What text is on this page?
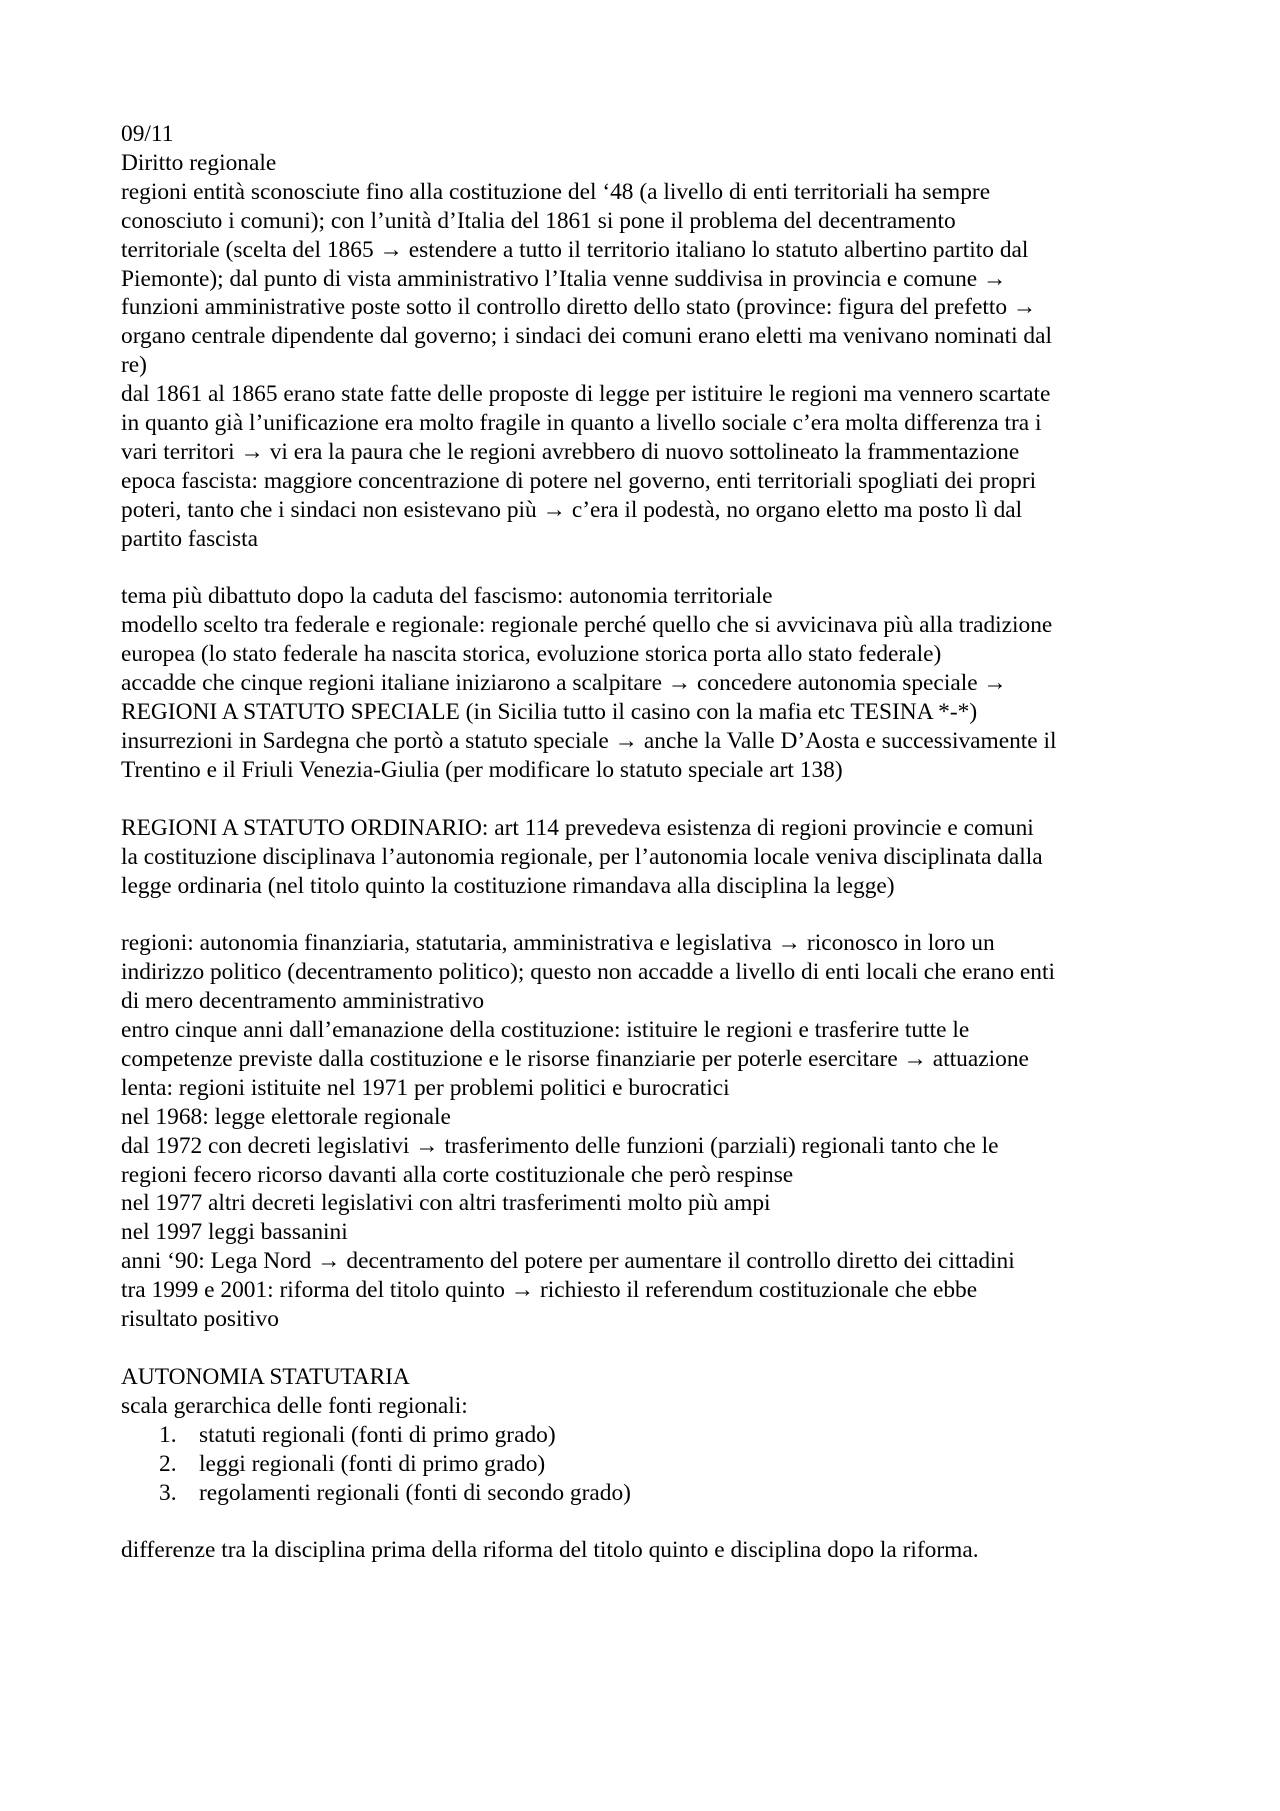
09/11

Diritto regionale

regioni entità sconosciute fino alla costituzione del ‘48 (a livello di enti territoriali ha sempre

conosciuto i comuni); con l’unità d’Italia del 1861 si pone il problema del decentramento

territoriale (scelta del 1865 → estendere a tutto il territorio italiano lo statuto albertino partito dal

Piemonte); dal punto di vista amministrativo l’Italia venne suddivisa in provincia e comune →

funzioni amministrative poste sotto il controllo diretto dello stato (province: figura del prefetto →

organo centrale dipendente dal governo; i sindaci dei comuni erano eletti ma venivano nominati dal

re)

dal 1861 al 1865 erano state fatte delle proposte di legge per istituire le regioni ma vennero scartate

in quanto già l’unificazione era molto fragile in quanto a livello sociale c’era molta differenza tra i

vari territori → vi era la paura che le regioni avrebbero di nuovo sottolineato la frammentazione

epoca fascista: maggiore concentrazione di potere nel governo, enti territoriali spogliati dei propri

poteri, tanto che i sindaci non esistevano più → c’era il podestà, no organo eletto ma posto lì dal

partito fascista

tema più dibattuto dopo la caduta del fascismo: autonomia territoriale

modello scelto tra federale e regionale: regionale perché quello che si avvicinava più alla tradizione

europea (lo stato federale ha nascita storica, evoluzione storica porta allo stato federale)

accadde che cinque regioni italiane iniziarono a scalpitare → concedere autonomia speciale →

REGIONI A STATUTO SPECIALE (in Sicilia tutto il casino con la mafia etc TESINA *-*)

insurrezioni in Sardegna che portò a statuto speciale → anche la Valle D’Aosta e successivamente il

Trentino e il Friuli Venezia-Giulia (per modificare lo statuto speciale art 138)

REGIONI A STATUTO ORDINARIO: art 114 prevedeva esistenza di regioni provincie e comuni

la costituzione disciplinava l’autonomia regionale, per l’autonomia locale veniva disciplinata dalla

legge ordinaria (nel titolo quinto la costituzione rimandava alla disciplina la legge)

regioni: autonomia finanziaria, statutaria, amministrativa e legislativa → riconosco in loro un

indirizzo politico (decentramento politico); questo non accadde a livello di enti locali che erano enti

di mero decentramento amministrativo

entro cinque anni dall’emanazione della costituzione: istituire le regioni e trasferire tutte le

competenze previste dalla costituzione e le risorse finanziarie per poterle esercitare → attuazione

lenta: regioni istituite nel 1971 per problemi politici e burocratici

nel 1968: legge elettorale regionale

dal 1972 con decreti legislativi → trasferimento delle funzioni (parziali) regionali tanto che le

regioni fecero ricorso davanti alla corte costituzionale che però respinse

nel 1977 altri decreti legislativi con altri trasferimenti molto più ampi

nel 1997 leggi bassanini

anni ‘90: Lega Nord → decentramento del potere per aumentare il controllo diretto dei cittadini

tra 1999 e 2001: riforma del titolo quinto → richiesto il referendum costituzionale che ebbe

risultato positivo

AUTONOMIA STATUTARIA

scala gerarchica delle fonti regionali:

1. statuti regionali (fonti di primo grado)
2. leggi regionali (fonti di primo grado)
3. regolamenti regionali (fonti di secondo grado)

differenze tra la disciplina prima della riforma del titolo quinto e disciplina dopo la riforma.
